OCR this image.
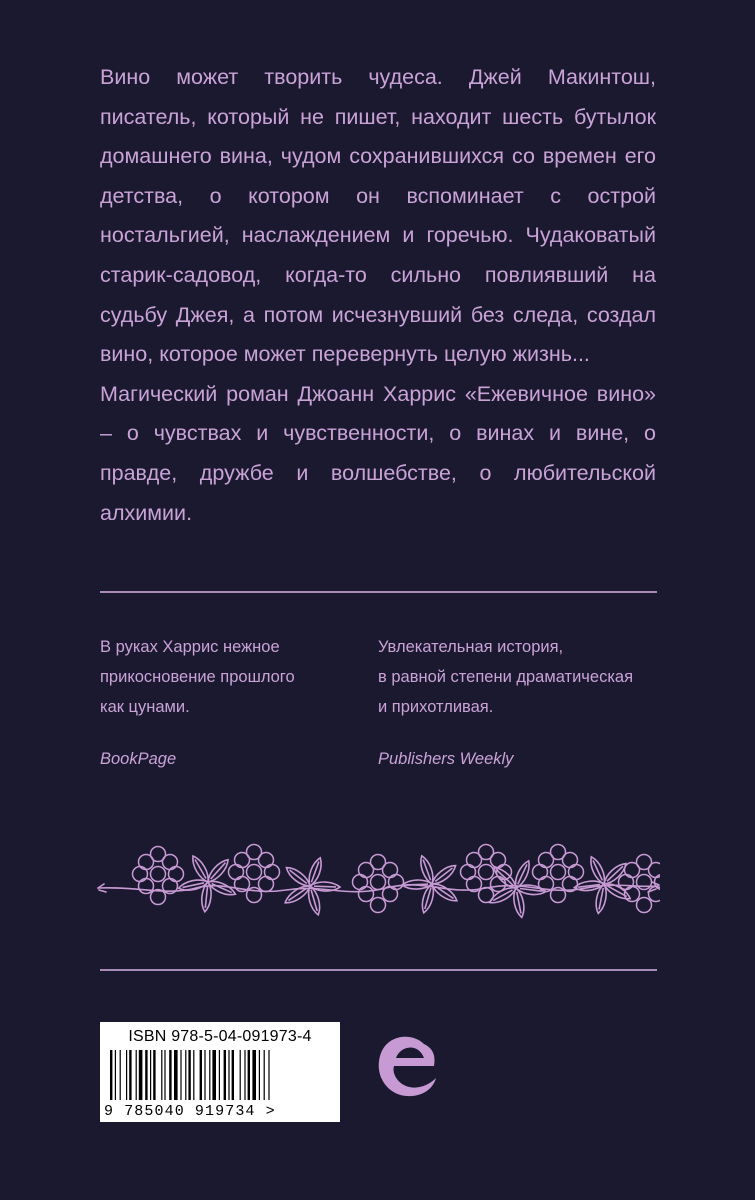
Вино может творить чудеса. Джей Макинтош, писатель, который не пишет, находит шесть бутылок домашнего вина, чудом сохранившихся со времен его детства, о котором он вспоминает с острой ностальгией, наслаждением и горечью. Чудаковатый старик-садовод, когда-то сильно повлиявший на судьбу Джея, а потом исчезнувший без следа, создал вино, которое может перевернуть целую жизнь...

Магический роман Джоанн Харрис «Ежевичное вино» – о чувствах и чувственности, о винах и вине, о правде, дружбе и волшебстве, о любительской алхимии.

В руках Харрис нежное
прикосновение прошлого
как цунами.
BookPage
Увлекательная история,
в равной степени драматическая
и прихотливая.
Publishers Weekly
ISBN 978-5-04-091973-4
9 785040 919734 >
